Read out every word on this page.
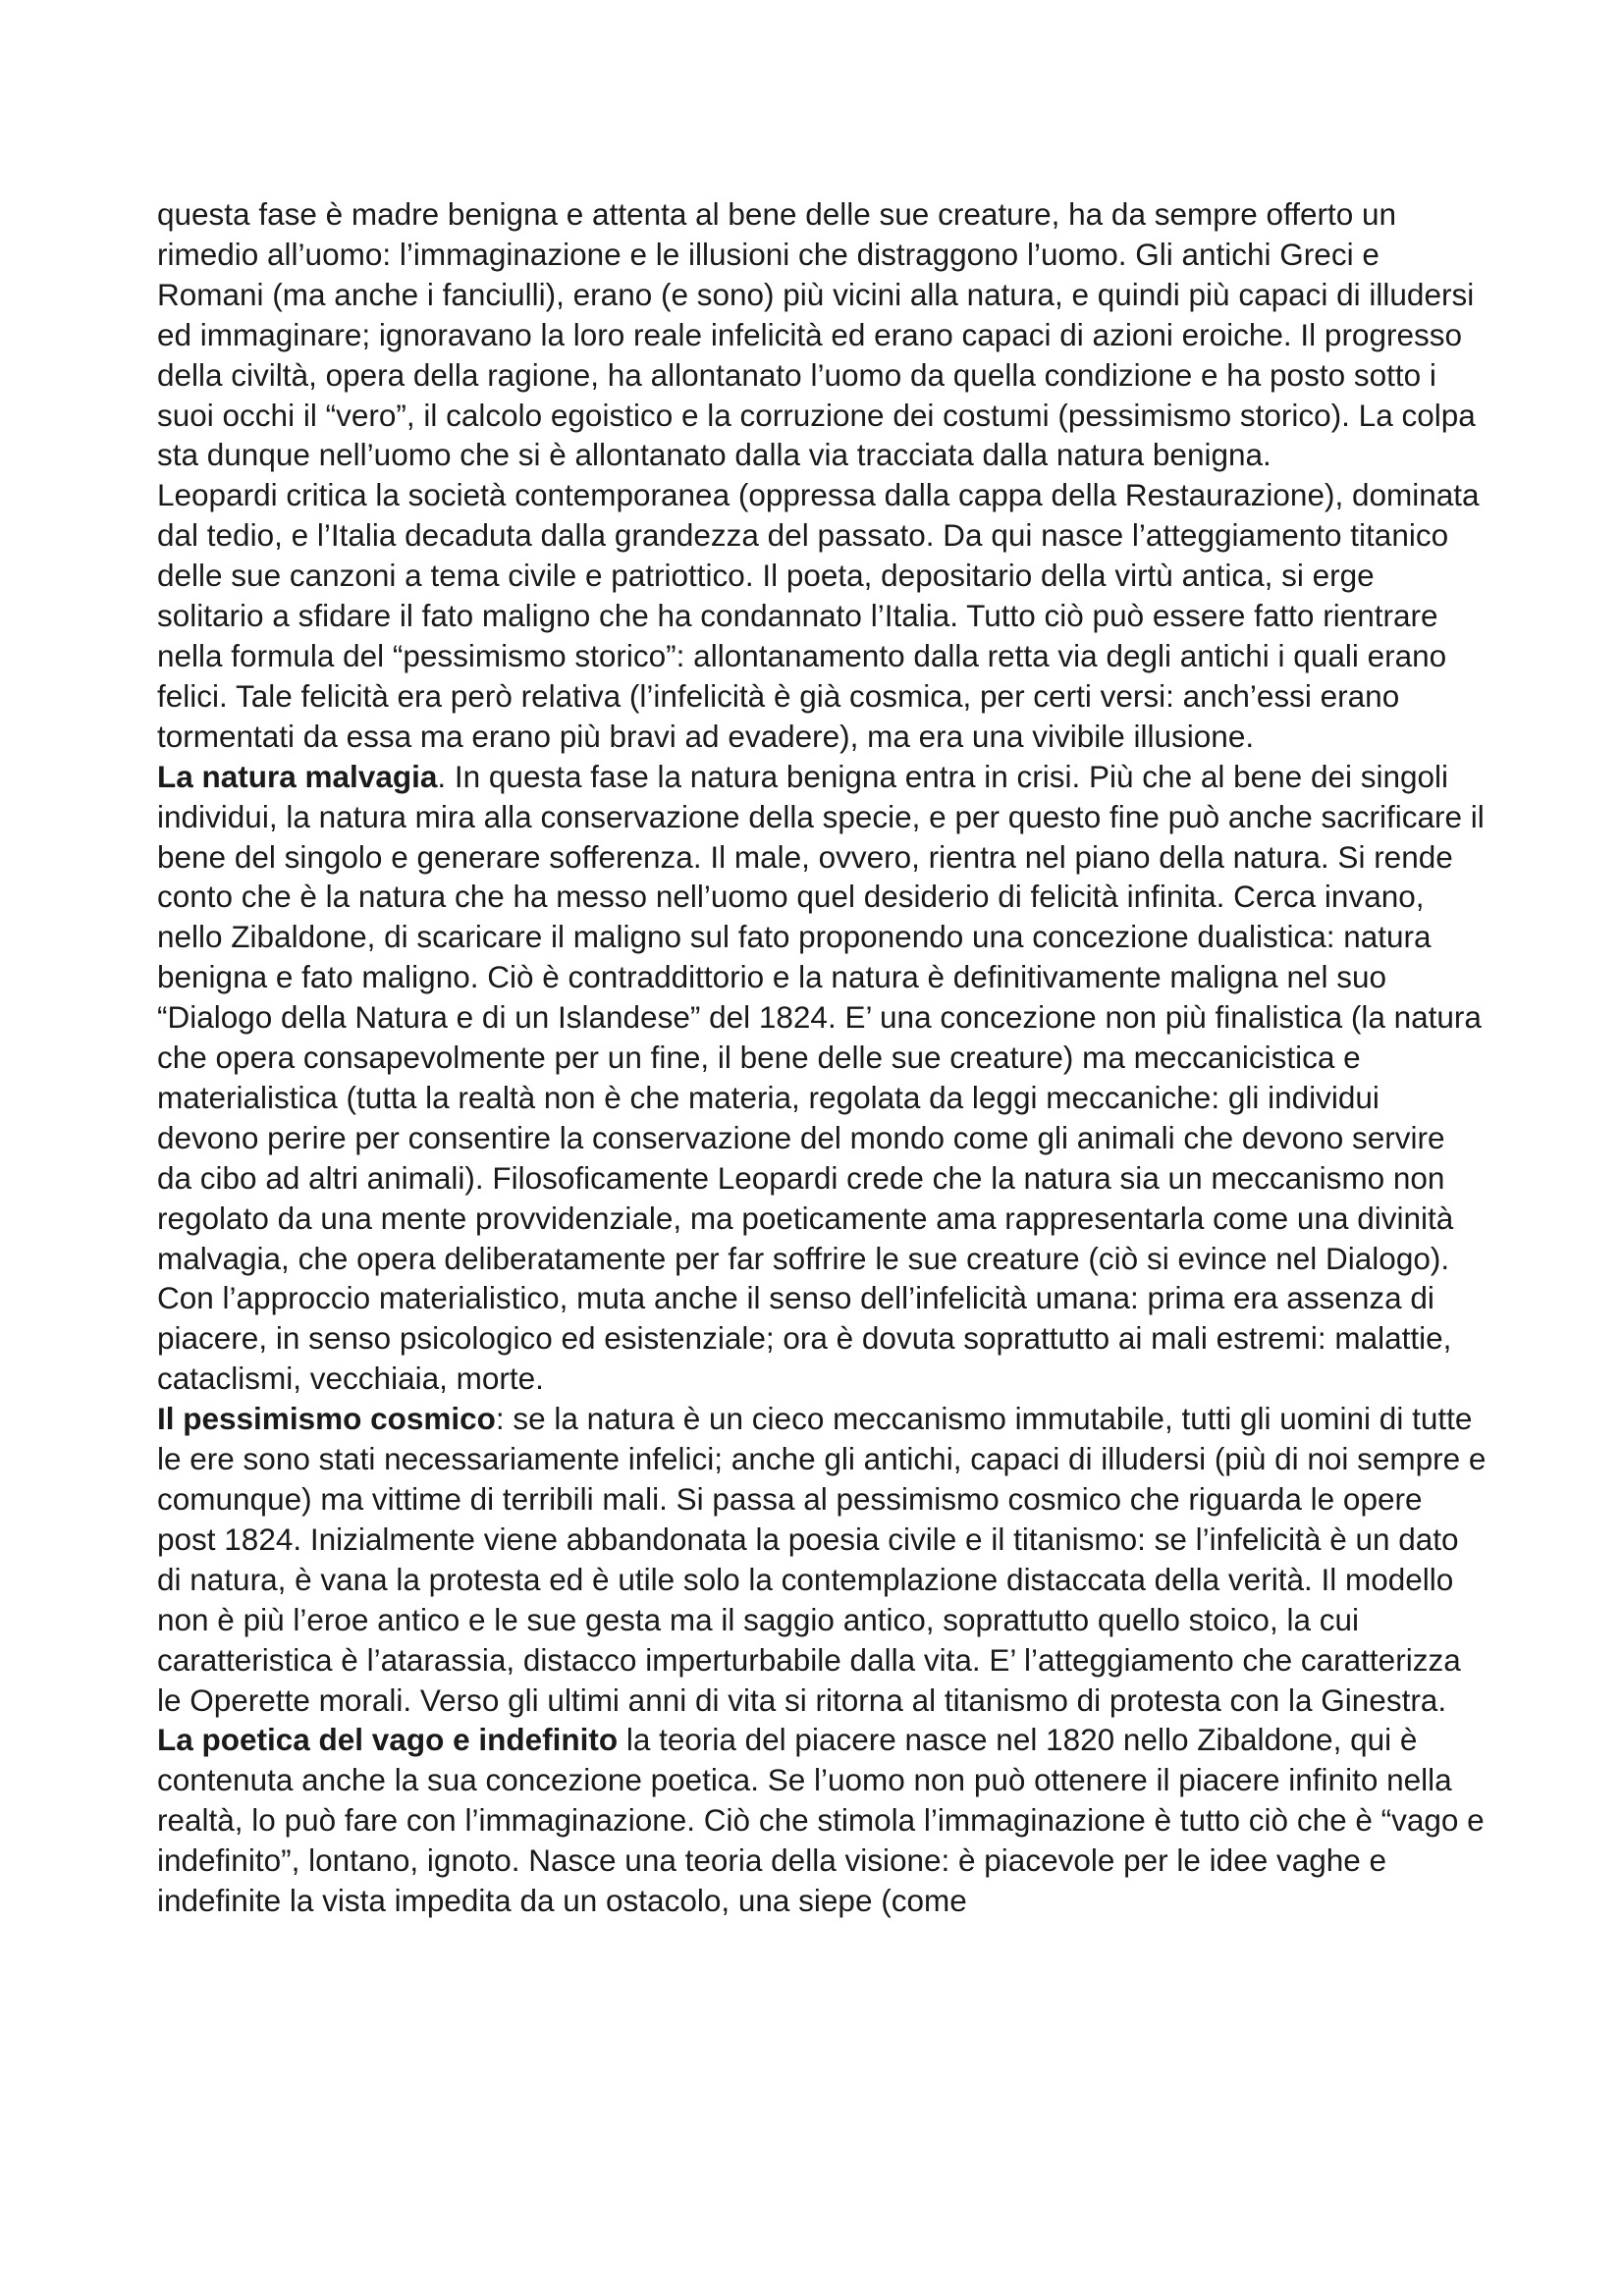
questa fase è madre benigna e attenta al bene delle sue creature, ha da sempre offerto un rimedio all’uomo: l’immaginazione e le illusioni che distraggono l’uomo. Gli antichi Greci e Romani (ma anche i fanciulli), erano (e sono) più vicini alla natura, e quindi più capaci di illudersi ed immaginare; ignoravano la loro reale infelicità ed erano capaci di azioni eroiche. Il progresso della civiltà, opera della ragione, ha allontanato l’uomo da quella condizione e ha posto sotto i suoi occhi il “vero”, il calcolo egoistico e la corruzione dei costumi (pessimismo storico). La colpa sta dunque nell’uomo che si è allontanato dalla via tracciata dalla natura benigna.

Leopardi critica la società contemporanea (oppressa dalla cappa della Restaurazione), dominata dal tedio, e l’Italia decaduta dalla grandezza del passato. Da qui nasce l’atteggiamento titanico delle sue canzoni a tema civile e patriottico. Il poeta, depositario della virtù antica, si erge solitario a sfidare il fato maligno che ha condannato l’Italia. Tutto ciò può essere fatto rientrare nella formula del “pessimismo storico”: allontanamento dalla retta via degli antichi i quali erano felici. Tale felicità era però relativa (l’infelicità è già cosmica, per certi versi: anch’essi erano tormentati da essa ma erano più bravi ad evadere), ma era una vivibile illusione.

La natura malvagia. In questa fase la natura benigna entra in crisi. Più che al bene dei singoli individui, la natura mira alla conservazione della specie, e per questo fine può anche sacrificare il bene del singolo e generare sofferenza. Il male, ovvero, rientra nel piano della natura. Si rende conto che è la natura che ha messo nell’uomo quel desiderio di felicità infinita. Cerca invano, nello Zibaldone, di scaricare il maligno sul fato proponendo una concezione dualistica: natura benigna e fato maligno. Ciò è contraddittorio e la natura è definitivamente maligna nel suo “Dialogo della Natura e di un Islandese” del 1824. E’ una concezione non più finalistica (la natura che opera consapevolmente per un fine, il bene delle sue creature) ma meccanicistica e materialistica (tutta la realtà non è che materia, regolata da leggi meccaniche: gli individui devono perire per consentire la conservazione del mondo come gli animali che devono servire da cibo ad altri animali). Filosoficamente Leopardi crede che la natura sia un meccanismo non regolato da una mente provvidenziale, ma poeticamente ama rappresentarla come una divinità malvagia, che opera deliberatamente per far soffrire le sue creature (ciò si evince nel Dialogo). Con l’approccio materialistico, muta anche il senso dell’infelicità umana: prima era assenza di piacere, in senso psicologico ed esistenziale; ora è dovuta soprattutto ai mali estremi: malattie, cataclismi, vecchiaia, morte.

Il pessimismo cosmico: se la natura è un cieco meccanismo immutabile, tutti gli uomini di tutte le ere sono stati necessariamente infelici; anche gli antichi, capaci di illudersi (più di noi sempre e comunque) ma vittime di terribili mali. Si passa al pessimismo cosmico che riguarda le opere post 1824. Inizialmente viene abbandonata la poesia civile e il titanismo: se l’infelicità è un dato di natura, è vana la protesta ed è utile solo la contemplazione distaccata della verità. Il modello non è più l’eroe antico e le sue gesta ma il saggio antico, soprattutto quello stoico, la cui caratteristica è l’atarassia, distacco imperturbabile dalla vita. E’ l’atteggiamento che caratterizza le Operette morali. Verso gli ultimi anni di vita si ritorna al titanismo di protesta con la Ginestra.

La poetica del vago e indefinito la teoria del piacere nasce nel 1820 nello Zibaldone, qui è contenuta anche la sua concezione poetica. Se l’uomo non può ottenere il piacere infinito nella realtà, lo può fare con l’immaginazione. Ciò che stimola l’immaginazione è tutto ciò che è “vago e indefinito”, lontano, ignoto. Nasce una teoria della visione: è piacevole per le idee vaghe e indefinite la vista impedita da un ostacolo, una siepe (come
